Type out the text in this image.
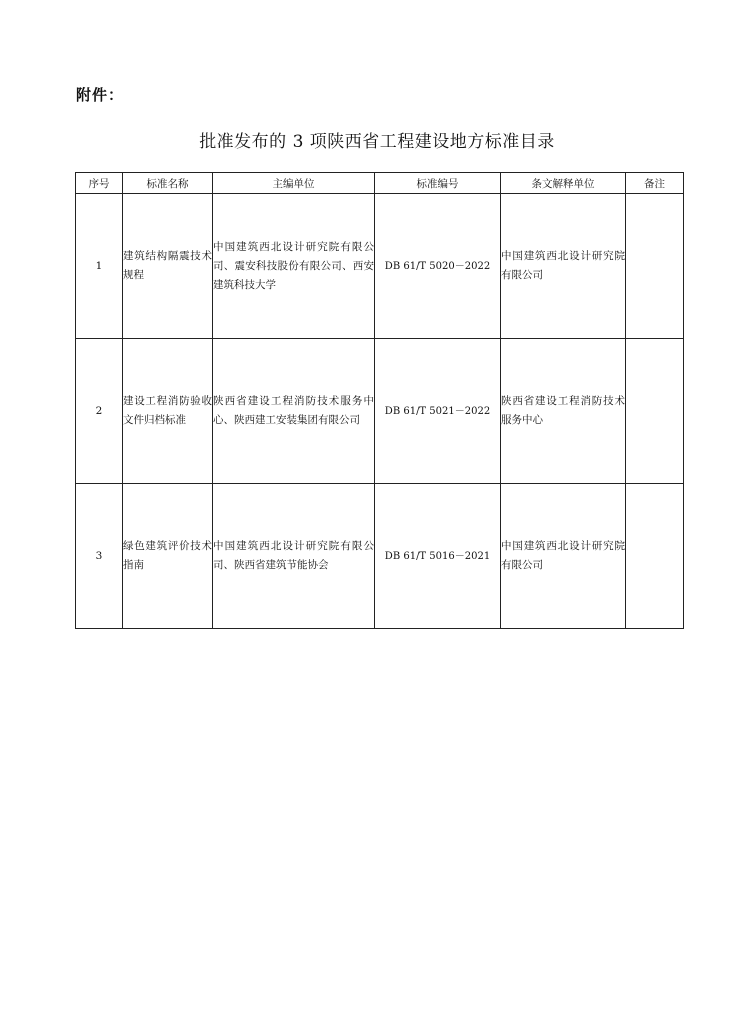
附件：
批准发布的 3 项陕西省工程建设地方标准目录
序号	标准名称	主编单位	标准编号	条文解释单位	备注
1	建筑结构隔震技术规程	中国建筑西北设计研究院有限公司、震安科技股份有限公司、西安建筑科技大学	DB 61/T 5020－2022	中国建筑西北设计研究院有限公司	
2	建设工程消防验收文件归档标准	陕西省建设工程消防技术服务中心、陕西建工安装集团有限公司	DB 61/T 5021－2022	陕西省建设工程消防技术服务中心	
3	绿色建筑评价技术指南	中国建筑西北设计研究院有限公司、陕西省建筑节能协会	DB 61/T 5016－2021	中国建筑西北设计研究院有限公司	
